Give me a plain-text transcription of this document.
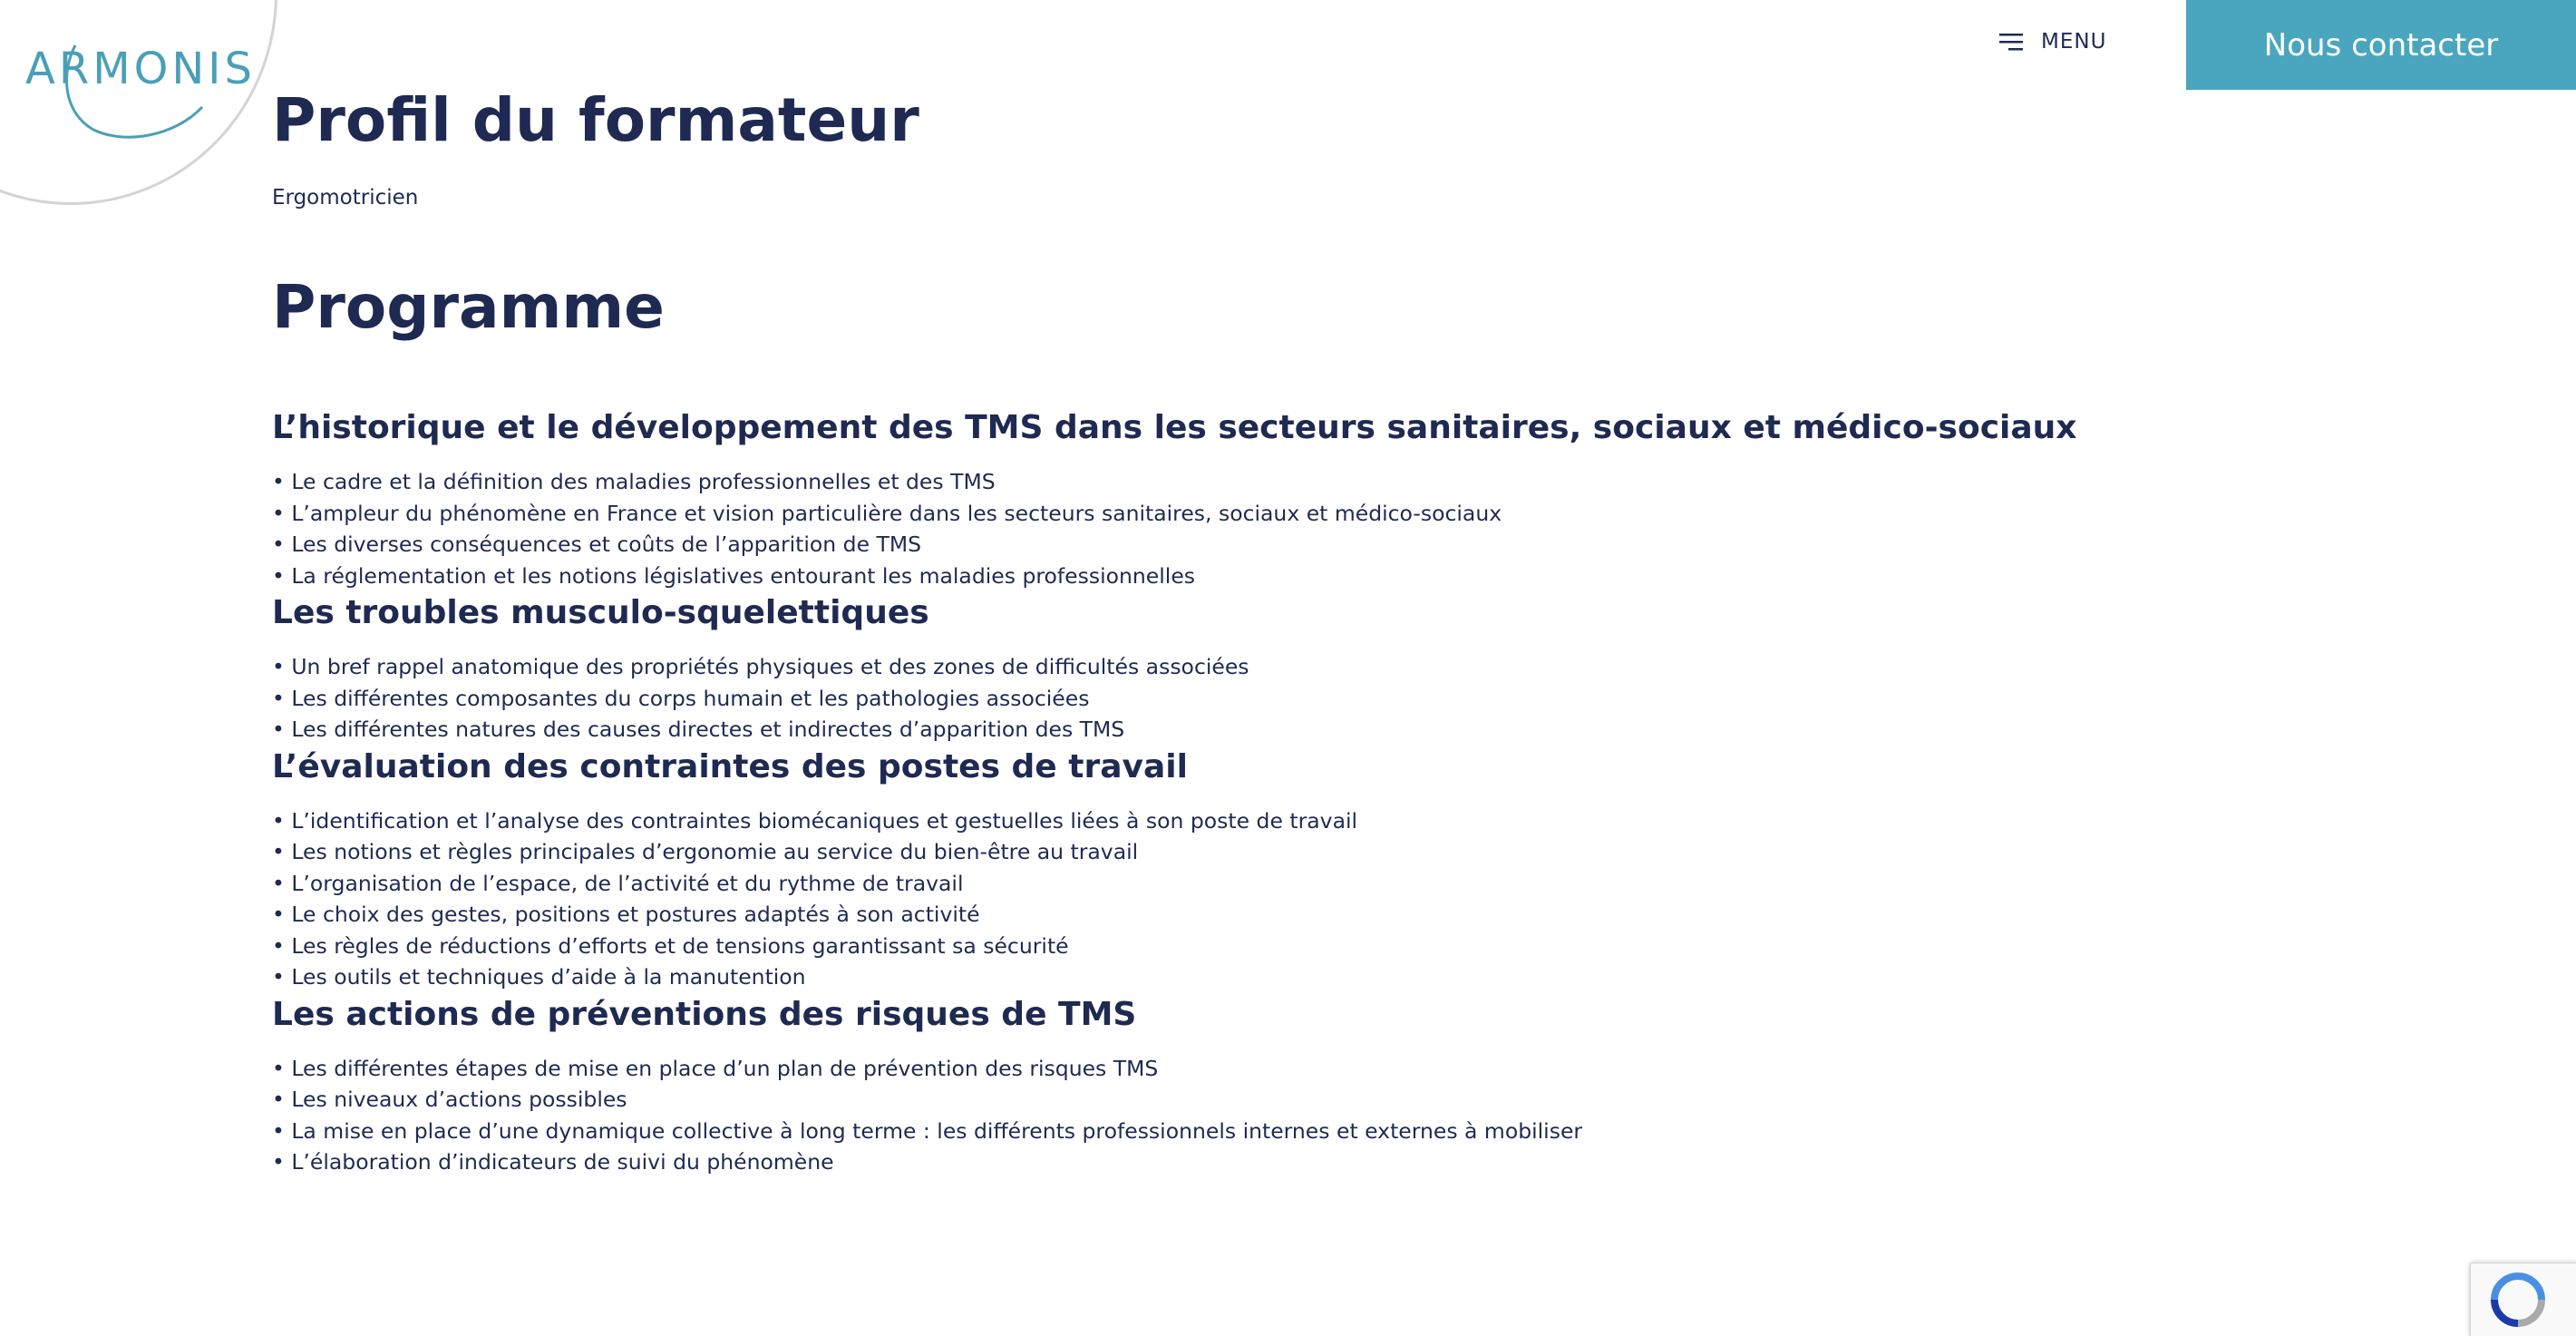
ARMONIS
MENU	Nous contacter
Profil du formateur

Ergomotricien

Programme
L’historique et le développement des TMS dans les secteurs sanitaires, sociaux et médico-sociaux
• Le cadre et la définition des maladies professionnelles et des TMS
• L’ampleur du phénomène en France et vision particulière dans les secteurs sanitaires, sociaux et médico-sociaux
• Les diverses conséquences et coûts de l’apparition de TMS
• La réglementation et les notions législatives entourant les maladies professionnelles
Les troubles musculo-squelettiques
• Un bref rappel anatomique des propriétés physiques et des zones de difficultés associées
• Les différentes composantes du corps humain et les pathologies associées
• Les différentes natures des causes directes et indirectes d’apparition des TMS
L’évaluation des contraintes des postes de travail
• L’identification et l’analyse des contraintes biomécaniques et gestuelles liées à son poste de travail
• Les notions et règles principales d’ergonomie au service du bien-être au travail
• L’organisation de l’espace, de l’activité et du rythme de travail
• Le choix des gestes, positions et postures adaptés à son activité
• Les règles de réductions d’efforts et de tensions garantissant sa sécurité
• Les outils et techniques d’aide à la manutention
Les actions de préventions des risques de TMS
• Les différentes étapes de mise en place d’un plan de prévention des risques TMS
• Les niveaux d’actions possibles
• La mise en place d’une dynamique collective à long terme : les différents professionnels internes et externes à mobiliser
• L’élaboration d’indicateurs de suivi du phénomène
